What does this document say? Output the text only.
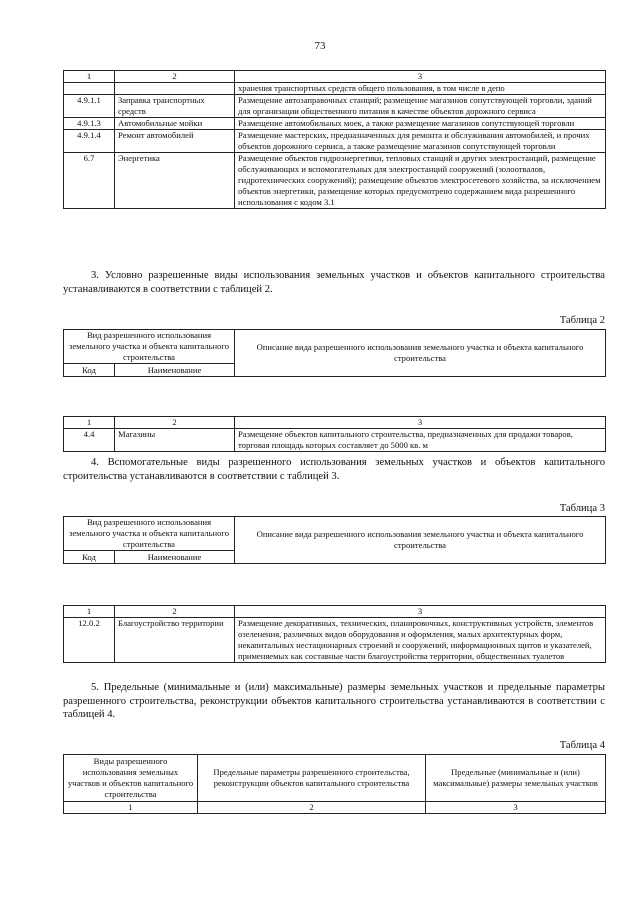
73
1	2	3
		хранения транспортных средств общего пользования, в том числе в депо
4.9.1.1	Заправка транспортных средств	Размещение автозаправочных станций; размещение магазинов сопутствующей торговли, зданий для организации общественного питания в качестве объектов дорожного сервиса
4.9.1.3	Автомобильные мойки	Размещение автомобильных моек, а также размещение магазинов сопутствующей торговли
4.9.1.4	Ремонт автомобилей	Размещение мастерских, предназначенных для ремонта и обслуживания автомобилей, и прочих объектов дорожного сервиса, а также размещение магазинов сопутствующей торговли
6.7	Энергетика	Размещение объектов гидроэнергетики, тепловых станций и других электростанций, размещение обслуживающих и вспомогательных для электростанций сооружений (золоотвалов, гидротехнических сооружений); размещение объектов электросетевого хозяйства, за исключением объектов энергетики, размещение которых предусмотрено содержанием вида разрешенного использования с кодом 3.1
3. Условно разрешенные виды использования земельных участков и объектов капитального строительства устанавливаются в соответствии с таблицей 2.
Таблица 2
Вид разрешенного использования земельного участка и объекта капитального строительства		Описание вида разрешенного использования земельного участка и объекта капитального строительства
Код	Наименование	
1	2	3
4.4	Магазины	Размещение объектов капитального строительства, предназначенных для продажи товаров, торговая площадь которых составляет до 5000 кв. м
4. Вспомогательные виды разрешенного использования земельных участков и объектов капитального строительства устанавливаются в соответствии с таблицей 3.
Таблица 3
Вид разрешенного использования земельного участка и объекта капитального строительства		Описание вида разрешенного использования земельного участка и объекта капитального строительства
Код	Наименование	
1	2	3
12.0.2	Благоустройство территории	Размещение декоративных, технических, планировочных, конструктивных устройств, элементов озеленения, различных видов оборудования и оформления, малых архитектурных форм, некапитальных нестационарных строений и сооружений, информационных щитов и указателей, применяемых как составные части благоустройства территории, общественных туалетов
5. Предельные (минимальные и (или) максимальные) размеры земельных участков и предельные параметры разрешенного строительства, реконструкции объектов капитального строительства устанавливаются в соответствии с таблицей 4.
Таблица 4
Виды разрешенного использования земельных участков и объектов капитального строительства	Предельные параметры разрешенного строительства, реконструкции объектов капитального строительства	Предельные (минимальные и (или) максимальные) размеры земельных участков
1	2	3
